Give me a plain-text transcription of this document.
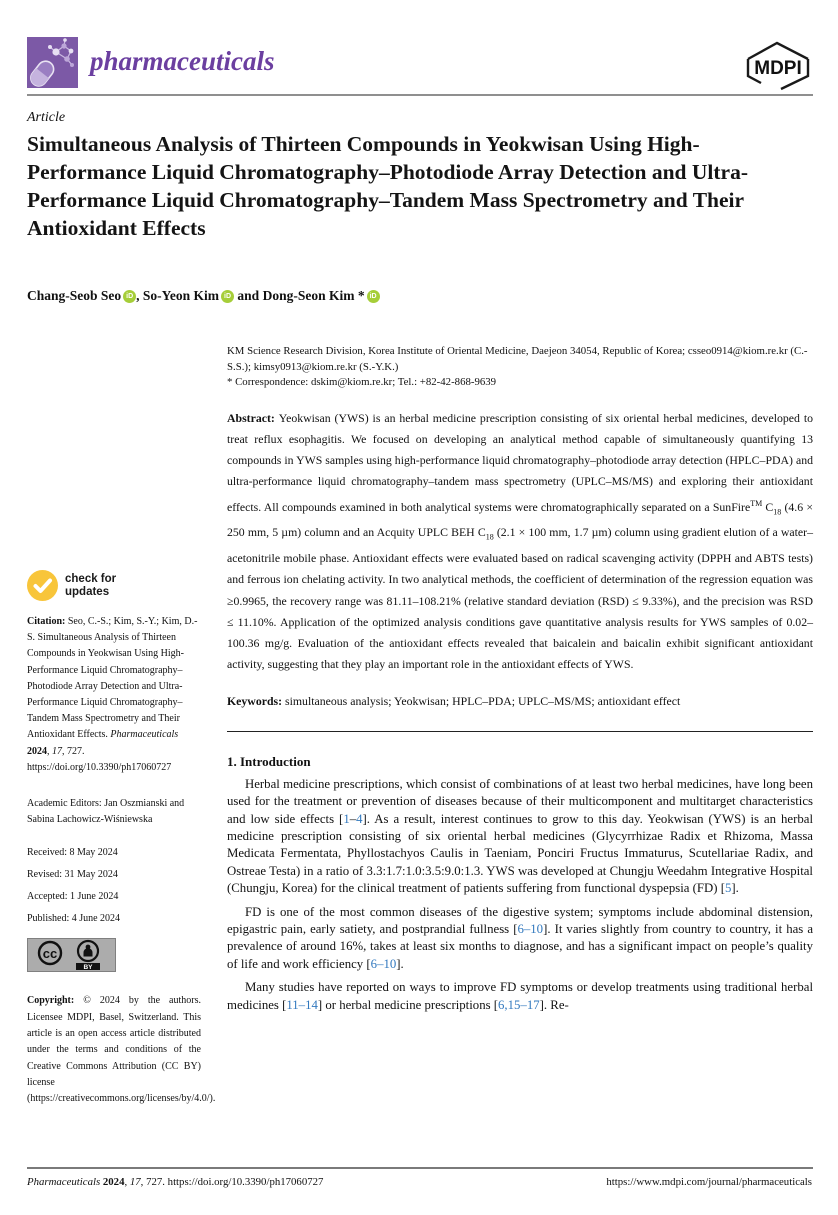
pharmaceuticals	MDPI
Article
Simultaneous Analysis of Thirteen Compounds in Yeokwisan Using High-Performance Liquid Chromatography–Photodiode Array Detection and Ultra-Performance Liquid Chromatography–Tandem Mass Spectrometry and Their Antioxidant Effects
Chang-Seob Seo iD , So-Yeon Kim iD and Dong-Seon Kim * iD
KM Science Research Division, Korea Institute of Oriental Medicine, Daejeon 34054, Republic of Korea; csseo0914@kiom.re.kr (C.-S.S.); kimsy0913@kiom.re.kr (S.-Y.K.)
* Correspondence: dskim@kiom.re.kr; Tel.: +82-42-868-9639
Abstract: Yeokwisan (YWS) is an herbal medicine prescription consisting of six oriental herbal medicines, developed to treat reflux esophagitis. We focused on developing an analytical method capable of simultaneously quantifying 13 compounds in YWS samples using high-performance liquid chromatography–photodiode array detection (HPLC–PDA) and ultra-performance liquid chromatography–tandem mass spectrometry (UPLC–MS/MS) and exploring their antioxidant effects. All compounds examined in both analytical systems were chromatographically separated on a SunFire™ $C_{18}$ (4.6 × 250 mm, 5 µm) column and an Acquity UPLC BEH $C_{18}$ (2.1 × 100 mm, 1.7 µm) column using gradient elution of a water–acetonitrile mobile phase. Antioxidant effects were evaluated based on radical scavenging activity (DPPH and ABTS tests) and ferrous ion chelating activity. In two analytical methods, the coefficient of determination of the regression equation was ≥0.9965, the recovery range was 81.11–108.21% (relative standard deviation (RSD) ≤ 9.33%), and the precision was RSD ≤ 11.10%. Application of the optimized analysis conditions gave quantitative analysis results for YWS samples of 0.02–100.36 mg/g. Evaluation of the antioxidant effects revealed that baicalein and baicalin exhibit significant antioxidant activity, suggesting that they play an important role in the antioxidant effects of YWS.
Keywords: simultaneous analysis; Yeokwisan; HPLC–PDA; UPLC–MS/MS; antioxidant effect
1. Introduction

Herbal medicine prescriptions, which consist of combinations of at least two herbal medicines, have long been used for the treatment or prevention of diseases because of their multicomponent and multitarget characteristics and low side effects [1–4]. As a result, interest continues to grow to this day. Yeokwisan (YWS) is an herbal medicine prescription consisting of six oriental herbal medicines (Glycyrrhizae Radix et Rhizoma, Massa Medicata Fermentata, Phyllostachyos Caulis in Taeniam, Ponciri Fructus Immaturus, Scutellariae Radix, and Ostreae Testa) in a ratio of 3.3:1.7:1.0:3.5:9.0:1.3. YWS was developed at Chungju Weedahm Integrative Hospital (Chungju, Korea) for the clinical treatment of patients suffering from functional dyspepsia (FD) [5].

FD is one of the most common diseases of the digestive system; symptoms include abdominal distension, epigastric pain, early satiety, and postprandial fullness [6–10]. It varies slightly from country to country, it has a prevalence of around 16%, takes at least six months to diagnose, and has a significant impact on people’s quality of life and work efficiency [6–10].

Many studies have reported on ways to improve FD symptoms or develop treatments using traditional herbal medicines [11–14] or herbal medicine prescriptions [6,15–17]. Re-

check for
updates
Citation: Seo, C.-S.; Kim, S.-Y.; Kim, D.-S. Simultaneous Analysis of Thirteen Compounds in Yeokwisan Using High-Performance Liquid Chromatography–Photodiode Array Detection and Ultra-Performance Liquid Chromatography–Tandem Mass Spectrometry and Their Antioxidant Effects. Pharmaceuticals 2024, 17, 727. https://doi.org/10.3390/ph17060727
Academic Editors: Jan Oszmianski and Sabina Lachowicz-Wiśniewska
Received: 8 May 2024
Revised: 31 May 2024
Accepted: 1 June 2024
Published: 4 June 2024
cc
BY
Copyright: © 2024 by the authors. Licensee MDPI, Basel, Switzerland. This article is an open access article distributed under the terms and conditions of the Creative Commons Attribution (CC BY) license (https://creativecommons.org/licenses/by/4.0/).
Pharmaceuticals 2024, 17, 727. https://doi.org/10.3390/ph17060727	https://www.mdpi.com/journal/pharmaceuticals
